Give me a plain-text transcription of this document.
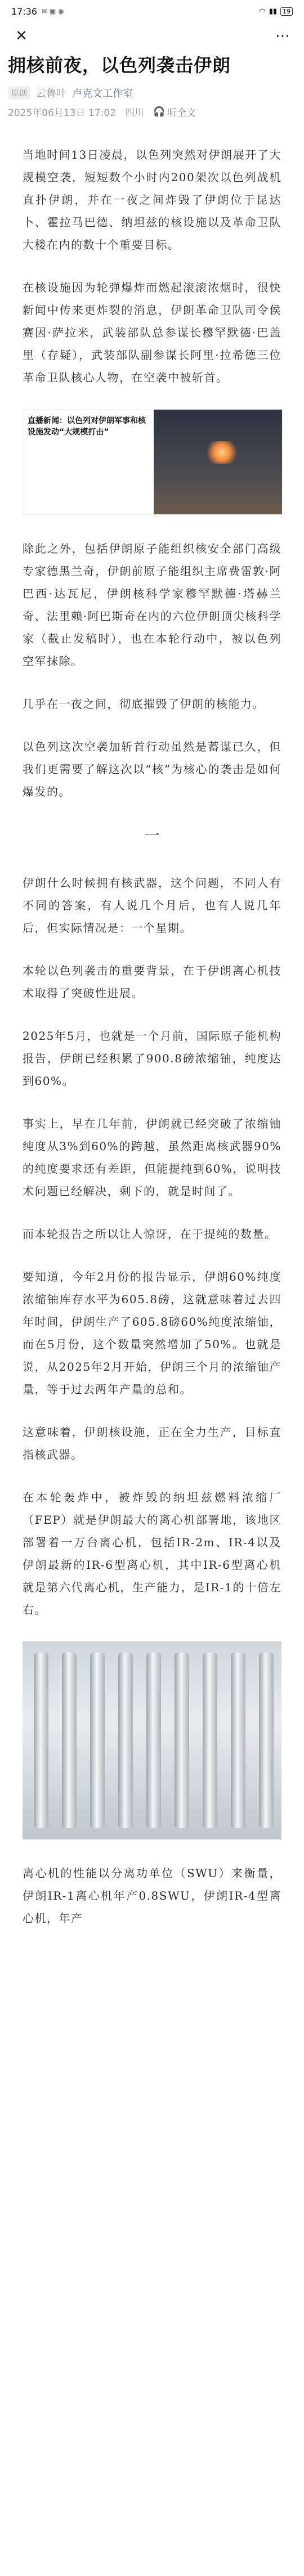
17:36 ✉ ▣ ◉	◠ ▮▮ 19
✕	⋯
拥核前夜，以色列袭击伊朗
原创 云鲁叶 卢克文工作室
2025年06月13日 17:02 四川 🎧 听全文

当地时间13日凌晨，以色列突然对伊朗展开了大规模空袭，短短数个小时内200架次以色列战机直扑伊朗，并在一夜之间炸毁了伊朗位于昆达卜、霍拉马巴德、纳坦兹的核设施以及革命卫队大楼在内的数十个重要目标。

在核设施因为轮弹爆炸而燃起滚滚浓烟时，很快新闻中传来更炸裂的消息，伊朗革命卫队司令侯赛因·萨拉米，武装部队总参谋长穆罕默德·巴盖里（存疑），武装部队副参谋长阿里·拉希德三位革命卫队核心人物，在空袭中被斩首。

直播新闻：以色列对伊朗军事和核设施发动“大规模打击”

除此之外，包括伊朗原子能组织核安全部门高级专家德黑兰奇，伊朗前原子能组织主席费雷敦·阿巴西·达瓦尼，伊朗核科学家穆罕默德·塔赫兰奇、法里赖·阿巴斯奇在内的六位伊朗顶尖核科学家（截止发稿时），也在本轮行动中，被以色列空军抹除。

几乎在一夜之间，彻底摧毁了伊朗的核能力。

以色列这次空袭加斩首行动虽然是蓄谋已久，但我们更需要了解这次以“核”为核心的袭击是如何爆发的。

一

伊朗什么时候拥有核武器，这个问题，不同人有不同的答案，有人说几个月后，也有人说几年后，但实际情况是：一个星期。

本轮以色列袭击的重要背景，在于伊朗离心机技术取得了突破性进展。

2025年5月，也就是一个月前，国际原子能机构报告，伊朗已经积累了900.8磅浓缩铀，纯度达到60%。

事实上，早在几年前，伊朗就已经突破了浓缩铀纯度从3%到60%的跨越，虽然距离核武器90%的纯度要求还有差距，但能提纯到60%，说明技术问题已经解决，剩下的，就是时间了。

而本轮报告之所以让人惊讶，在于提纯的数量。

要知道，今年2月份的报告显示，伊朗60%纯度浓缩铀库存水平为605.8磅，这就意味着过去四年时间，伊朗生产了605.8磅60%纯度浓缩铀，而在5月份，这个数量突然增加了50%。也就是说，从2025年2月开始，伊朗三个月的浓缩铀产量，等于过去两年产量的总和。

这意味着，伊朗核设施，正在全力生产，目标直指核武器。

在本轮轰炸中，被炸毁的纳坦兹燃料浓缩厂（FEP）就是伊朗最大的离心机部署地，该地区部署着一万台离心机，包括IR-2m、IR-4以及伊朗最新的IR-6型离心机，其中IR-6型离心机就是第六代离心机，生产能力，是IR-1的十倍左右。

离心机的性能以分离功单位（SWU）来衡量，伊朗IR-1离心机年产0.8SWU，伊朗IR-4型离心机，年产
